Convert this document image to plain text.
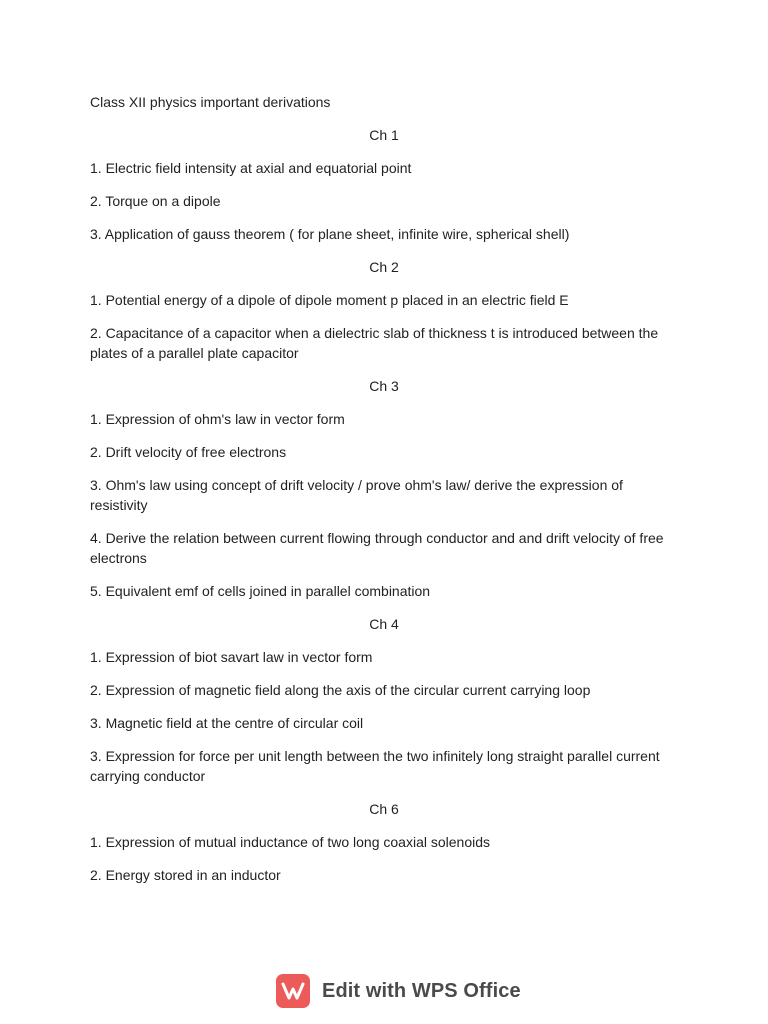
Class XII physics important derivations
Ch 1
1. Electric field intensity at axial and equatorial point
2. Torque on a dipole
3. Application of gauss theorem ( for plane sheet, infinite wire, spherical shell)
Ch 2
1. Potential energy of a dipole of dipole moment p placed in an electric field E
2. Capacitance of a capacitor when a dielectric slab of thickness t is introduced between the plates of a parallel plate capacitor
Ch 3
1. Expression of ohm's law in vector form
2. Drift velocity of free electrons
3. Ohm's law using concept of drift velocity / prove ohm's law/ derive the expression of resistivity
4. Derive the relation between current flowing through conductor and and drift velocity of free electrons
5. Equivalent emf of cells joined in parallel combination
Ch 4
1. Expression of biot savart law in vector form
2. Expression of magnetic field along the axis of the circular current carrying loop
3. Magnetic field at the centre of circular coil
3. Expression for force per unit length between the two infinitely long straight parallel current carrying conductor
Ch 6
1. Expression of mutual inductance of two long coaxial solenoids
2. Energy stored in an inductor
Edit with WPS Office
